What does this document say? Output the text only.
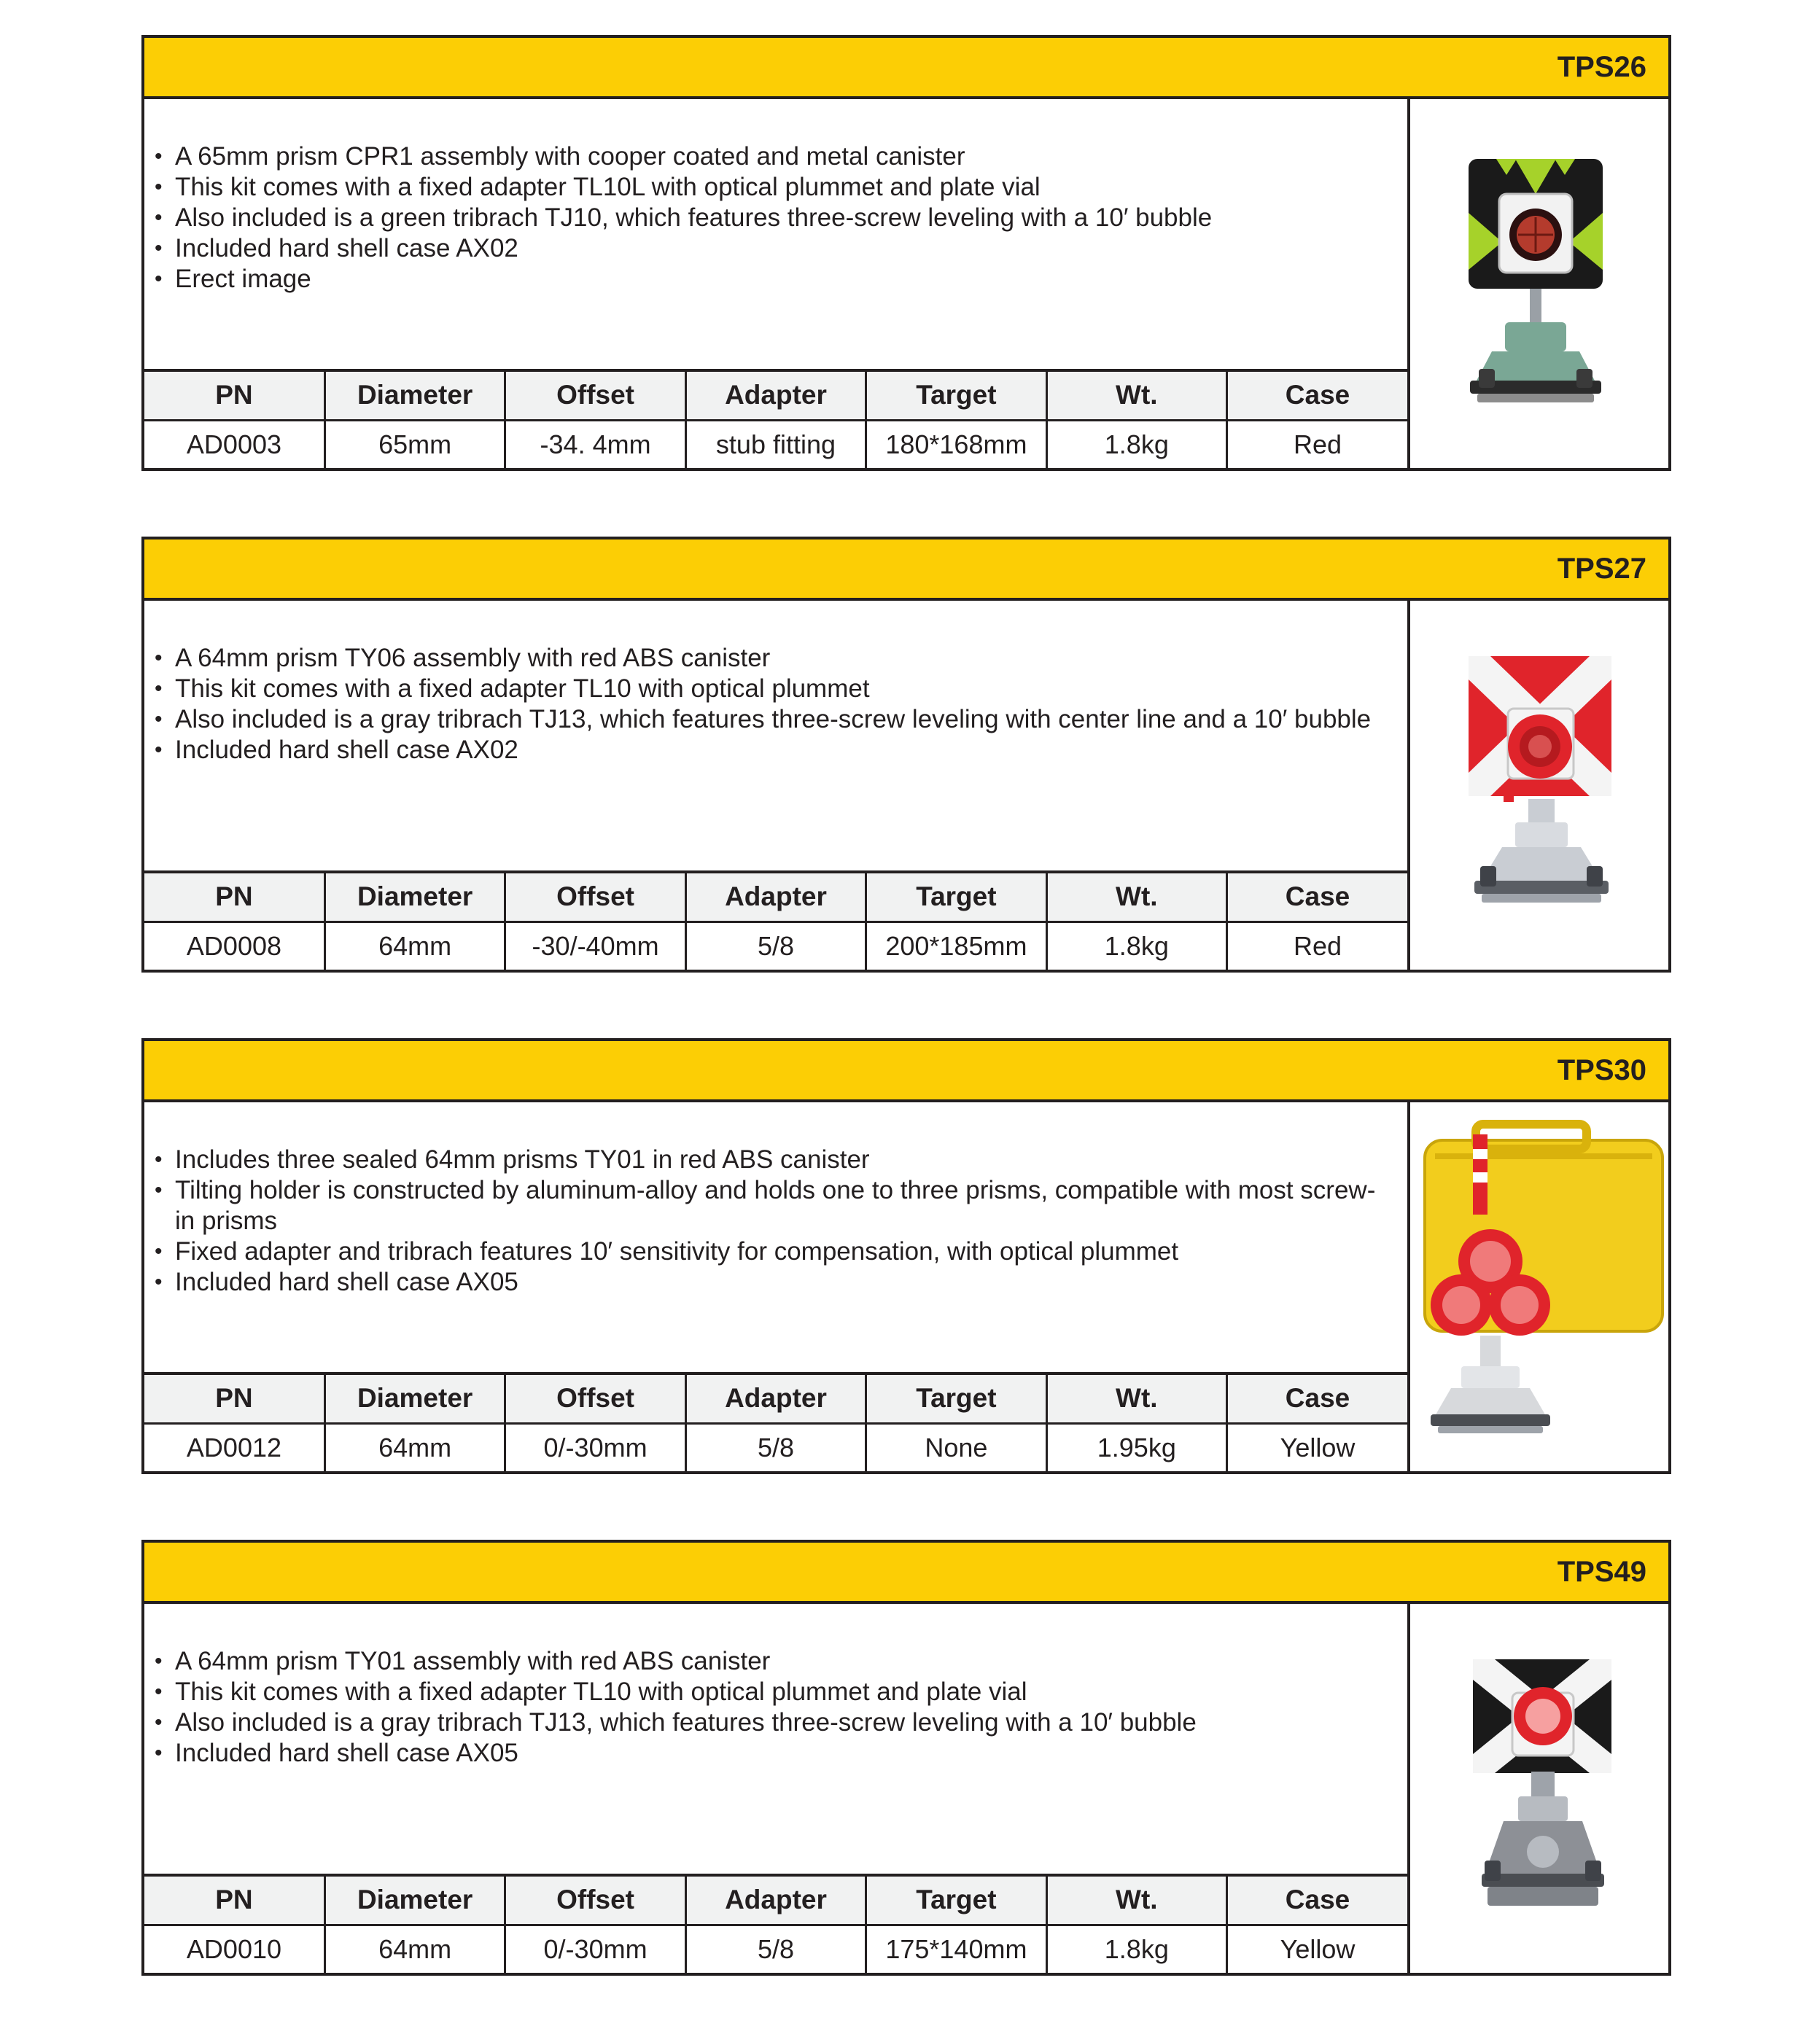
TPS26
• A 65mm prism CPR1 assembly with cooper coated and metal canister
• This kit comes with a fixed adapter TL10L with optical plummet and plate vial
• Also included is a green tribrach TJ10, which features three-screw leveling with a 10′ bubble
• Included hard shell case AX02
• Erect image
PN	Diameter	Offset	Adapter	Target	Wt.	Case
AD0003	65mm	-34. 4mm	stub fitting	180*168mm	1.8kg	Red
TPS27
• A 64mm prism TY06 assembly with red ABS canister
• This kit comes with a fixed adapter TL10 with optical plummet
• Also included is a gray tribrach TJ13, which features three-screw leveling with center line and a 10′ bubble
• Included hard shell case AX02
PN	Diameter	Offset	Adapter	Target	Wt.	Case
AD0008	64mm	-30/-40mm	5/8	200*185mm	1.8kg	Red
TPS30
• Includes three sealed 64mm prisms TY01 in red ABS canister
• Tilting holder is constructed by aluminum-alloy and holds one to three prisms, compatible with most screw-in prisms
• Fixed adapter and tribrach features 10′ sensitivity for compensation, with optical plummet
• Included hard shell case AX05
PN	Diameter	Offset	Adapter	Target	Wt.	Case
AD0012	64mm	0/-30mm	5/8	None	1.95kg	Yellow
TPS49
• A 64mm prism TY01 assembly with red ABS canister
• This kit comes with a fixed adapter TL10 with optical plummet and plate vial
• Also included is a gray tribrach TJ13, which features three-screw leveling with a 10′ bubble
• Included hard shell case AX05
PN	Diameter	Offset	Adapter	Target	Wt.	Case
AD0010	64mm	0/-30mm	5/8	175*140mm	1.8kg	Yellow
